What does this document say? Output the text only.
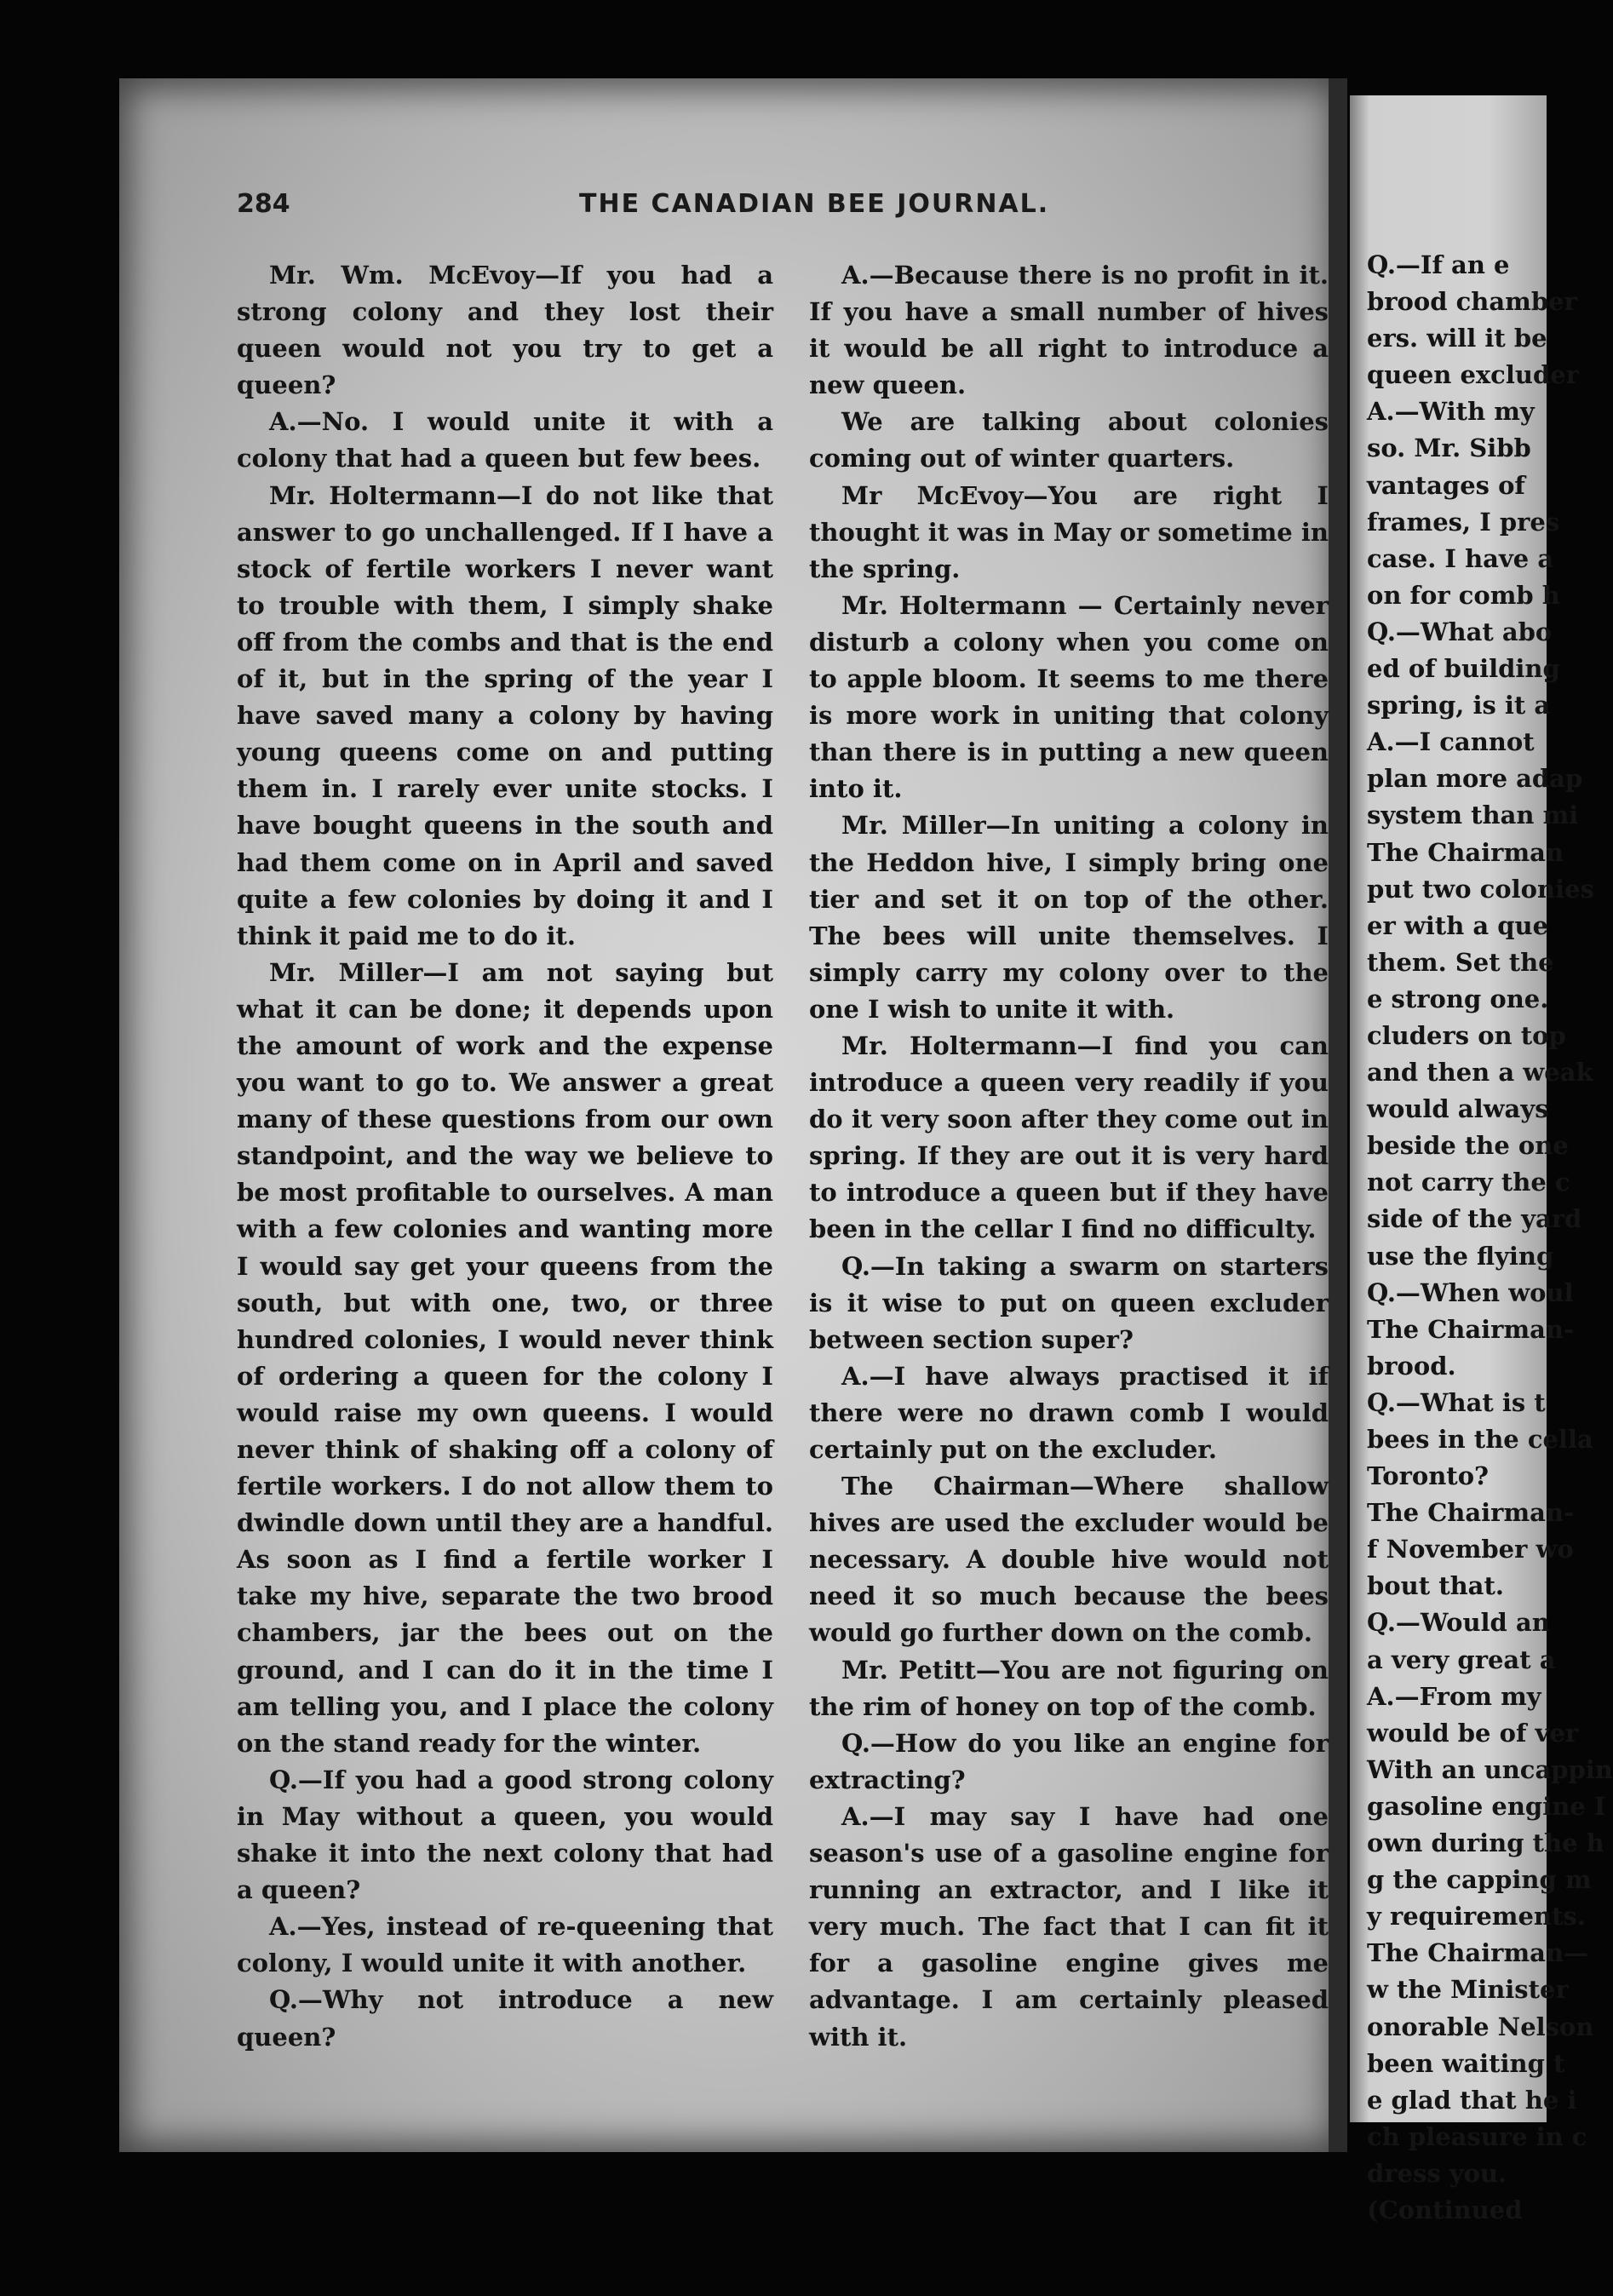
284	THE CANADIAN BEE JOURNAL.

Mr. Wm. McEvoy—If you had a strong colony and they lost their queen would not you try to get a queen?

A.—No. I would unite it with a colony that had a queen but few bees.

Mr. Holtermann—I do not like that answer to go unchallenged. If I have a stock of fertile workers I never want to trouble with them, I simply shake off from the combs and that is the end of it, but in the spring of the year I have saved many a colony by having young queens come on and putting them in. I rarely ever unite stocks. I have bought queens in the south and had them come on in April and saved quite a few colonies by doing it and I think it paid me to do it.

Mr. Miller—I am not saying but what it can be done; it depends upon the amount of work and the expense you want to go to. We answer a great many of these questions from our own standpoint, and the way we believe to be most profitable to ourselves. A man with a few colonies and wanting more I would say get your queens from the south, but with one, two, or three hundred colonies, I would never think of ordering a queen for the colony I would raise my own queens. I would never think of shaking off a colony of fertile workers. I do not allow them to dwindle down until they are a handful. As soon as I find a fertile worker I take my hive, separate the two brood chambers, jar the bees out on the ground, and I can do it in the time I am telling you, and I place the colony on the stand ready for the winter.

Q.—If you had a good strong colony in May without a queen, you would shake it into the next colony that had a queen?

A.—Yes, instead of re-queening that colony, I would unite it with another.

Q.—Why not introduce a new queen?

A.—Because there is no profit in it. If you have a small number of hives it would be all right to introduce a new queen.

We are talking about colonies coming out of winter quarters.

Mr McEvoy—You are right I thought it was in May or sometime in the spring.

Mr. Holtermann — Certainly never disturb a colony when you come on to apple bloom. It seems to me there is more work in uniting that colony than there is in putting a new queen into it.

Mr. Miller—In uniting a colony in the Heddon hive, I simply bring one tier and set it on top of the other. The bees will unite themselves. I simply carry my colony over to the one I wish to unite it with.

Mr. Holtermann—I find you can introduce a queen very readily if you do it very soon after they come out in spring. If they are out it is very hard to introduce a queen but if they have been in the cellar I find no difficulty.

Q.—In taking a swarm on starters is it wise to put on queen excluder between section super?

A.—I have always practised it if there were no drawn comb I would certainly put on the excluder.

The Chairman—Where shallow hives are used the excluder would be necessary. A double hive would not need it so much because the bees would go further down on the comb.

Mr. Petitt—You are not figuring on the rim of honey on top of the comb.

Q.—How do you like an engine for extracting?

A.—I may say I have had one season's use of a gasoline engine for running an extractor, and I like it very much. The fact that I can fit it for a gasoline engine gives me advantage. I am certainly pleased with it.

Q.—If an e
brood chamber
ers. will it be
queen excluder
A.—With my
so. Mr. Sibb
vantages of
frames, I pres
case. I have a
on for comb h
Q.—What abo
ed of building
spring, is it a
A.—I cannot
plan more adap
system than mi
The Chairman
put two colonies
er with a que
them. Set the
e strong one.
cluders on top
and then a weak
would always
beside the one
not carry the c
side of the yard
use the flying
Q.—When woul
The Chairman-
brood.
Q.—What is t
bees in the cella
Toronto?
The Chairman-
f November wo
bout that.
Q.—Would an
a very great a
A.—From my
would be of ver
With an uncappin
gasoline engine I
own during the h
g the capping m
y requirements.
The Chairman—
w the Minister
onorable Nelson
been waiting t
e glad that he i
ch pleasure in c
dress you.
(Continued
